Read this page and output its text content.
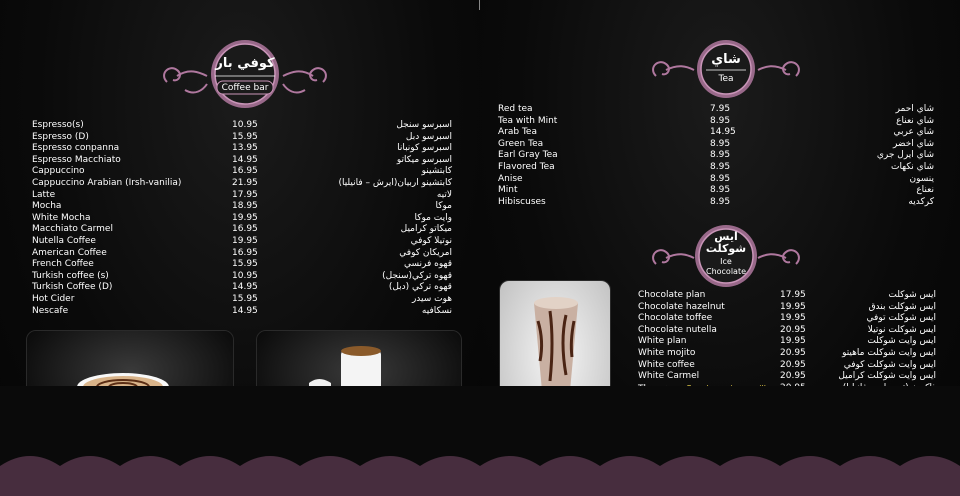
كوفي بار
Coffee bar
Espresso(s)	10.95	اسبرسو سنجل
Espresso (D)	15.95	اسبرسو دبل
Espresso conpanna	13.95	اسبرسو كونبانا
Espresso Macchiato	14.95	اسبرسو ميكاتو
Cappuccino	16.95	كابتشينو
Cappuccino Arabian (Irsh-vanilia)	21.95	كابتشينو اربيان(ايرش – فانيليا)
Latte	17.95	لاتيه
Mocha	18.95	موكا
White Mocha	19.95	وايت موكا
Macchiato Carmel	16.95	ميكاتو كراميل
Nutella Coffee	19.95	نوتيلا كوفي
American Coffee	16.95	امريكان كوفي
French Coffee	15.95	قهوه فرنسي
Turkish coffee (s)	10.95	قهوه تركي(سنجل)
Turkish Coffee (D)	14.95	قهوه تركي (دبل)
Hot Cider	15.95	هوت سيدر
Nescafe	14.95	نسكافيه
شاي
Tea
Red tea	7.95	شاي احمر
Tea with Mint	8.95	شاي نعناع
Arab Tea	14.95	شاي عربي
Green Tea	8.95	شاي اخضر
Earl Gray Tea	8.95	شاي ايرل جري
Flavored Tea	8.95	شاي نكهات
Anise	8.95	ينسون
Mint	8.95	نعناع
Hibiscuses	8.95	كركديه
ايس
شوكلت
Ice
Chocolate
Chocolate plan	17.95	ايس شوكلت
Chocolate hazelnut	19.95	ايس شوكلت بندق
Chocolate toffee	19.95	ايس شوكلت توفي
Chocolate nutella	20.95	ايس شوكلت نوتيلا
White plan	19.95	ايس وايت شوكلت
White mojito	20.95	ايس وايت شوكلت ماهيتو
White coffee	20.95	ايس وايت شوكلت كوفي
White Carmel	20.95	ايس وايت شوكلت كراميل
